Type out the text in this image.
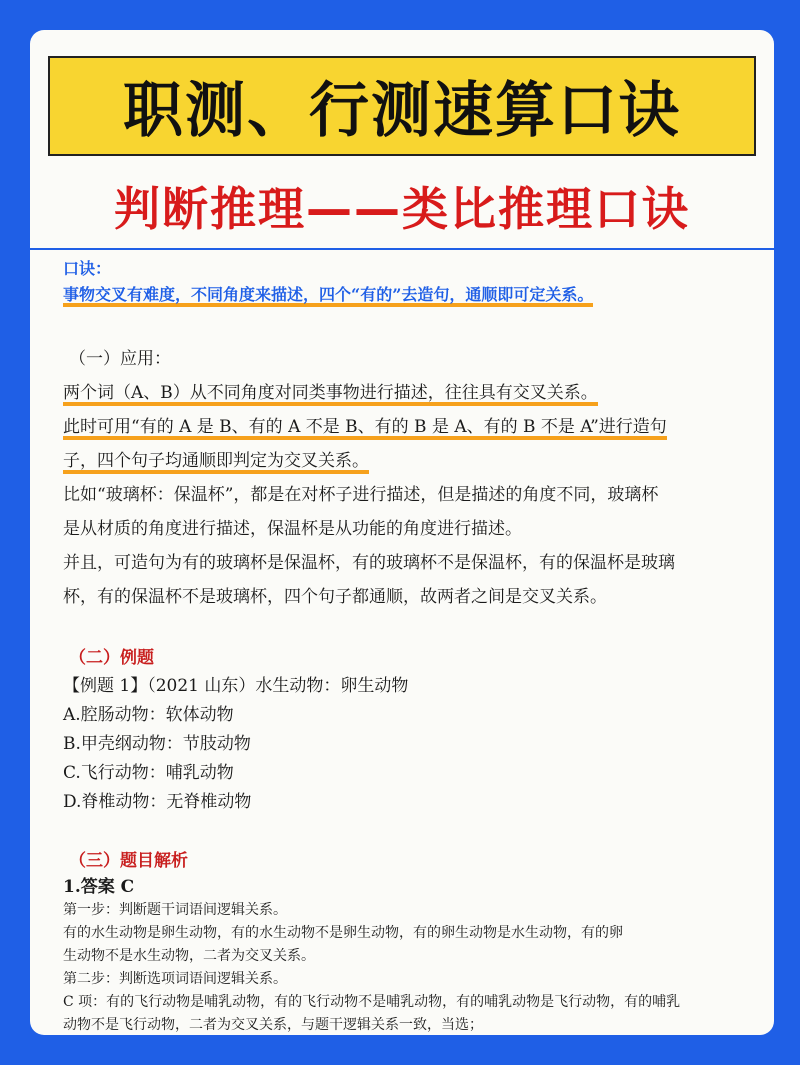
职测、行测速算口诀
判断推理——类比推理口诀
口诀：
事物交叉有难度，不同角度来描述，四个“有的”去造句，通顺即可定关系。

（一）应用：

两个词（A、B）从不同角度对同类事物进行描述，往往具有交叉关系。

此时可用“有的 A 是 B、有的 A 不是 B、有的 B 是 A、有的 B 不是 A”进行造句

子，四个句子均通顺即判定为交叉关系。

比如“玻璃杯：保温杯”，都是在对杯子进行描述，但是描述的角度不同，玻璃杯

是从材质的角度进行描述，保温杯是从功能的角度进行描述。

并且，可造句为有的玻璃杯是保温杯，有的玻璃杯不是保温杯，有的保温杯是玻璃

杯，有的保温杯不是玻璃杯，四个句子都通顺，故两者之间是交叉关系。

（二）例题

【例题 1】（2021 山东）水生动物：卵生动物

A.腔肠动物：软体动物

B.甲壳纲动物：节肢动物

C.飞行动物：哺乳动物

D.脊椎动物：无脊椎动物

（三）题目解析
1.答案 C

第一步：判断题干词语间逻辑关系。

有的水生动物是卵生动物，有的水生动物不是卵生动物，有的卵生动物是水生动物，有的卵

生动物不是水生动物，二者为交叉关系。

第二步：判断选项词语间逻辑关系。

C 项：有的飞行动物是哺乳动物，有的飞行动物不是哺乳动物，有的哺乳动物是飞行动物，有的哺乳

动物不是飞行动物，二者为交叉关系，与题干逻辑关系一致，当选；
